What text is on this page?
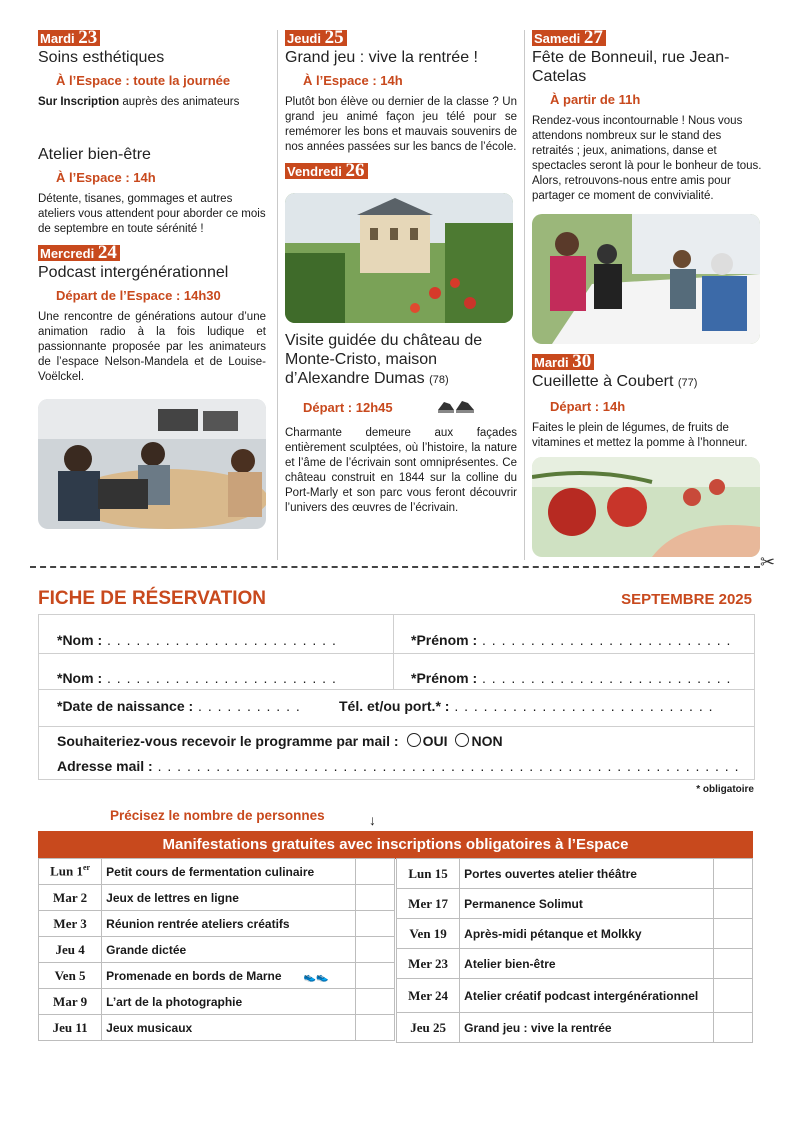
Mardi 23

Soins esthétiques

À l’Espace : toute la journée

Sur Inscription auprès des animateurs

Atelier bien-être

À l’Espace : 14h

Détente, tisanes, gommages et autres ateliers vous attendent pour aborder ce mois de septembre en toute sérénité !

Mercredi 24

Podcast intergénérationnel

Départ de l’Espace : 14h30

Une rencontre de générations autour d’une animation radio à la fois ludique et passionnante proposée par les animateurs de l’espace Nelson-Mandela et de Louise-Voëlckel.

Jeudi 25

Grand jeu : vive la rentrée !

À l’Espace : 14h

Plutôt bon élève ou dernier de la classe ? Un grand jeu animé façon jeu télé pour se remémorer les bons et mauvais souvenirs de nos années passées sur les bancs de l’école.

Vendredi 26

Visite guidée du château de Monte-Cristo, maison d’Alexandre Dumas (78)

Départ : 12h45

Charmante demeure aux façades entièrement sculptées, où l’histoire, la nature et l’âme de l’écrivain sont omniprésentes. Ce château construit en 1844 sur la colline du Port-Marly et son parc vous feront découvrir l’univers des œuvres de l’écrivain.

Samedi 27

Fête de Bonneuil, rue Jean-Catelas

À partir de 11h

Rendez-vous incontournable ! Nous vous attendons nombreux sur le stand des retraités ; jeux, animations, danse et spectacles seront là pour le bonheur de tous. Alors, retrouvons-nous entre amis pour partager ce moment de convivialité.

Mardi 30

Cueillette à Coubert (77)

Départ : 14h

Faites le plein de légumes, de fruits de vitamines et mettez la pomme à l’honneur.

✂
FICHE DE RÉSERVATION	SEPTEMBRE 2025
*Nom : . . . . . . . . . . . . . . . . . . . . . . . .	*Prénom : . . . . . . . . . . . . . . . . . . . . . . . . . .
*Nom : . . . . . . . . . . . . . . . . . . . . . . . .	*Prénom : . . . . . . . . . . . . . . . . . . . . . . . . . .
*Date de naissance : . . . . . . . . . . .	Tél. et/ou port.* : . . . . . . . . . . . . . . . . . . . . . . . . . . .
Souhaiteriez-vous recevoir le programme par mail : OUI NON
Adresse mail : . . . . . . . . . . . . . . . . . . . . . . . . . . . . . . . . . . . . . . . . . . . . . . . . . . . . . . . . . . . .
* obligatoire
Précisez le nombre de personnes	↓
Manifestations gratuites avec inscriptions obligatoires à l’Espace
Lun 1er	Petit cours de fermentation culinaire	
Mar 2	Jeux de lettres en ligne	
Mer 3	Réunion rentrée ateliers créatifs	
Jeu 4	Grande dictée	
Ven 5	Promenade en bords de Marne 👟👟	
Mar 9	L’art de la photographie	
Jeu 11	Jeux musicaux	
Lun 15	Portes ouvertes atelier théâtre	
Mer 17	Permanence Solimut	
Ven 19	Après-midi pétanque et Molkky	
Mer 23	Atelier bien-être	
Mer 24	Atelier créatif podcast intergénérationnel	
Jeu 25	Grand jeu : vive la rentrée	
